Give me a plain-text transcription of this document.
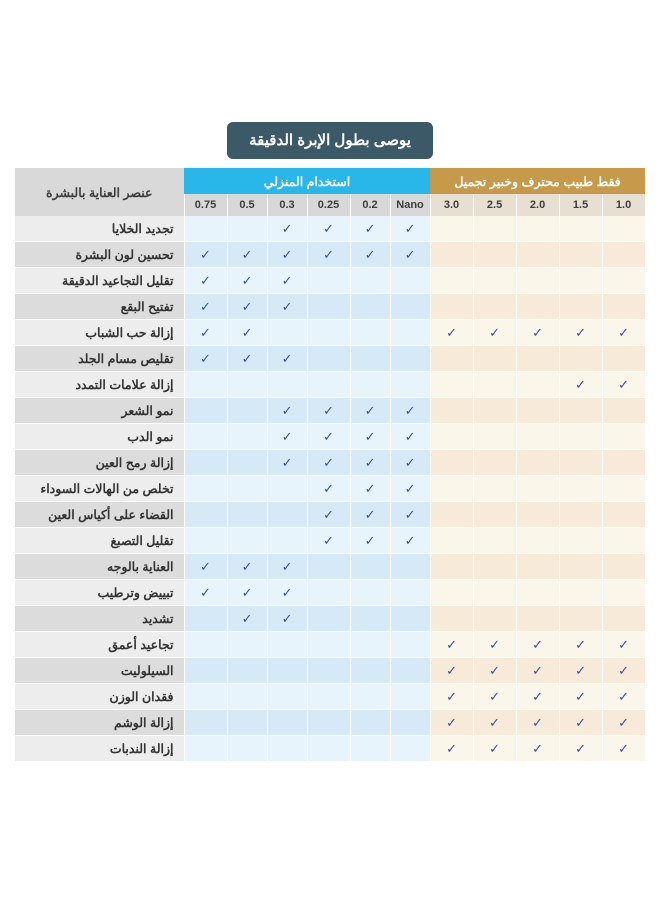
يوصى بطول الإبرة الدقيقة
فقط طبيب محترف وخبير تجميل					استخدام المنزلي						عنصر العناية بالبشرة
1.0	1.5	2.0	2.5	3.0	Nano	0.2	0.25	0.3	0.5	0.75	
					✓	✓	✓	✓			تجديد الخلايا
					✓	✓	✓	✓	✓	✓	تحسين لون البشرة
								✓	✓	✓	تقليل التجاعيد الدقيقة
								✓	✓	✓	تفتيح البقع
✓	✓	✓	✓	✓					✓	✓	إزالة حب الشباب
								✓	✓	✓	تقليص مسام الجلد
✓	✓										إزالة علامات التمدد
					✓	✓	✓	✓			نمو الشعر
					✓	✓	✓	✓			نمو الدب
					✓	✓	✓	✓			إزالة رمح العين
					✓	✓	✓				تخلص من الهالات السوداء
					✓	✓	✓				القضاء على أكياس العين
					✓	✓	✓				تقليل التصبغ
								✓	✓	✓	العناية بالوجه
								✓	✓	✓	تبييض وترطيب
								✓	✓		تشديد
✓	✓	✓	✓	✓							تجاعيد أعمق
✓	✓	✓	✓	✓							السيلوليت
✓	✓	✓	✓	✓							فقدان الوزن
✓	✓	✓	✓	✓							إزالة الوشم
✓	✓	✓	✓	✓							إزالة الندبات
